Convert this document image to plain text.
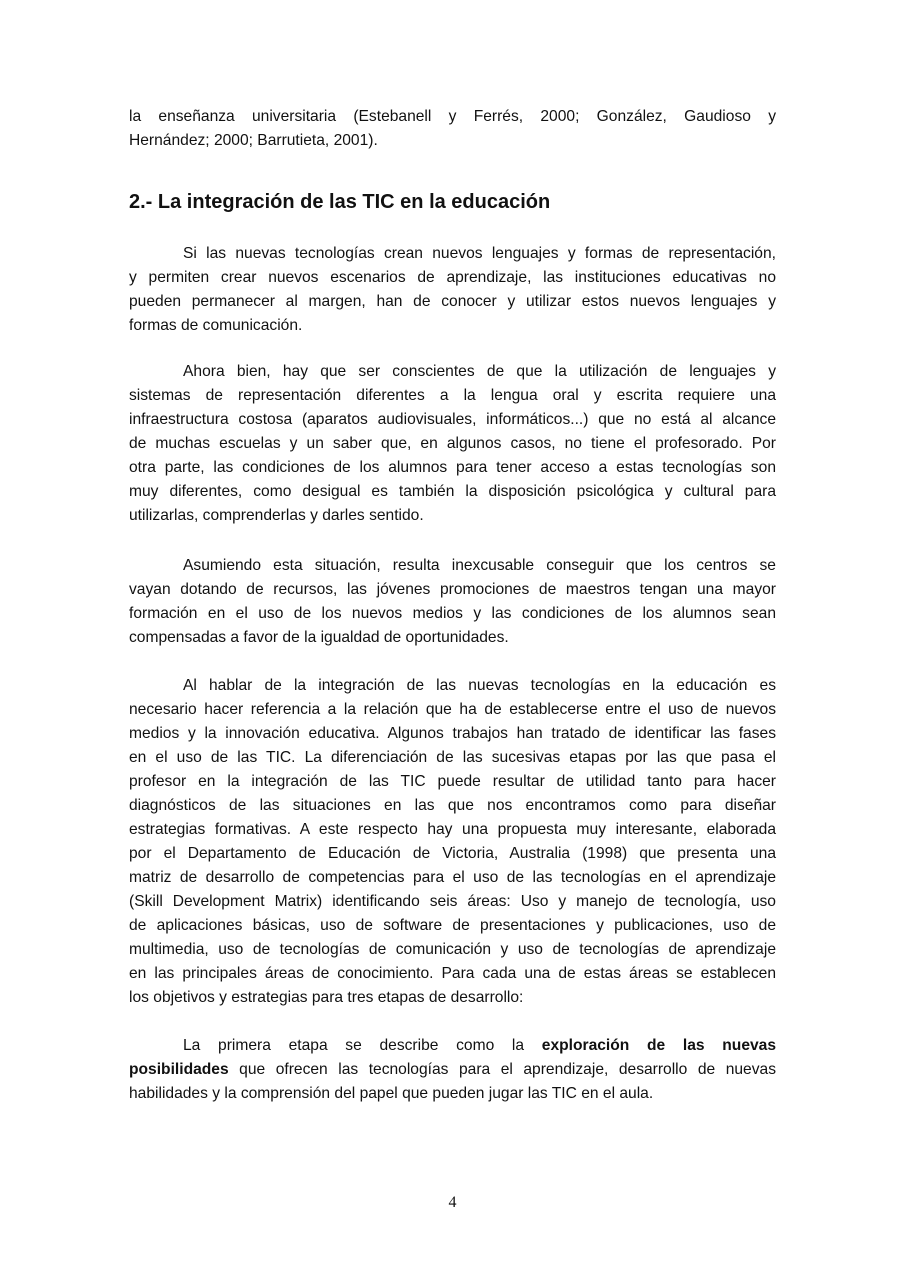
la enseñanza universitaria (Estebanell y Ferrés, 2000; González, Gaudioso y
Hernández; 2000; Barrutieta, 2001).
2.- La integración de las TIC en la educación
Si las nuevas tecnologías crean nuevos lenguajes y formas de representación,
y permiten crear nuevos escenarios de aprendizaje, las instituciones educativas no
pueden permanecer al margen, han de conocer y utilizar estos nuevos lenguajes y
formas de comunicación.
Ahora bien, hay que ser conscientes de que la utilización de lenguajes y
sistemas de representación diferentes a la lengua oral y escrita requiere una
infraestructura costosa (aparatos audiovisuales, informáticos...) que no está al alcance
de muchas escuelas y un saber que, en algunos casos, no tiene el profesorado. Por
otra parte, las condiciones de los alumnos para tener acceso a estas tecnologías son
muy diferentes, como desigual es también la disposición psicológica y cultural para
utilizarlas, comprenderlas y darles sentido.
Asumiendo esta situación, resulta inexcusable conseguir que los centros se
vayan dotando de recursos, las jóvenes promociones de maestros tengan una mayor
formación en el uso de los nuevos medios y las condiciones de los alumnos sean
compensadas a favor de la igualdad de oportunidades.
Al hablar de la integración de las nuevas tecnologías en la educación es
necesario hacer referencia a la relación que ha de establecerse entre el uso de nuevos
medios y la innovación educativa. Algunos trabajos han tratado de identificar las fases
en el uso de las TIC. La diferenciación de las sucesivas etapas por las que pasa el
profesor en la integración de las TIC puede resultar de utilidad tanto para hacer
diagnósticos de las situaciones en las que nos encontramos como para diseñar
estrategias formativas. A este respecto hay una propuesta muy interesante, elaborada
por el Departamento de Educación de Victoria, Australia (1998) que presenta una
matriz de desarrollo de competencias para el uso de las tecnologías en el aprendizaje
(Skill Development Matrix) identificando seis áreas: Uso y manejo de tecnología, uso
de aplicaciones básicas, uso de software de presentaciones y publicaciones, uso de
multimedia, uso de tecnologías de comunicación y uso de tecnologías de aprendizaje
en las principales áreas de conocimiento. Para cada una de estas áreas se establecen
los objetivos y estrategias para tres etapas de desarrollo:
La primera etapa se describe como la exploración de las nuevas
posibilidades que ofrecen las tecnologías para el aprendizaje, desarrollo de nuevas
habilidades y la comprensión del papel que pueden jugar las TIC en el aula.
4
